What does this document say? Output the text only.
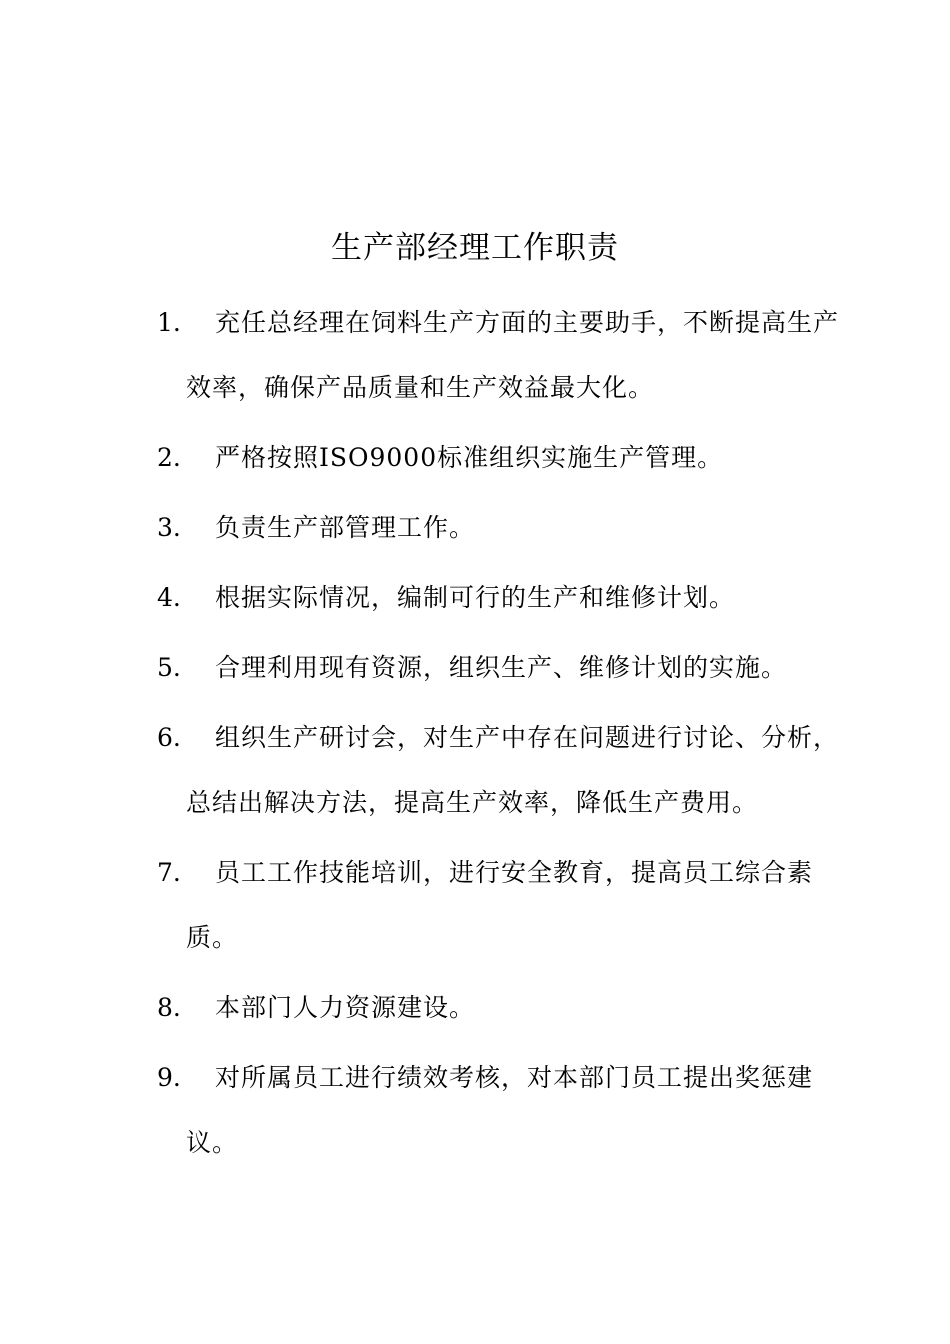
生产部经理工作职责
1.	充任总经理在饲料生产方面的主要助手，不断提高生产效率，确保产品质量和生产效益最大化。
2.	严格按照ISO9000标准组织实施生产管理。
3.	负责生产部管理工作。
4.	根据实际情况，编制可行的生产和维修计划。
5.	合理利用现有资源，组织生产、维修计划的实施。
6.	组织生产研讨会，对生产中存在问题进行讨论、分析，总结出解决方法，提高生产效率，降低生产费用。
7.	员工工作技能培训，进行安全教育，提高员工综合素质。
8.	本部门人力资源建设。
9.	对所属员工进行绩效考核，对本部门员工提出奖惩建议。
